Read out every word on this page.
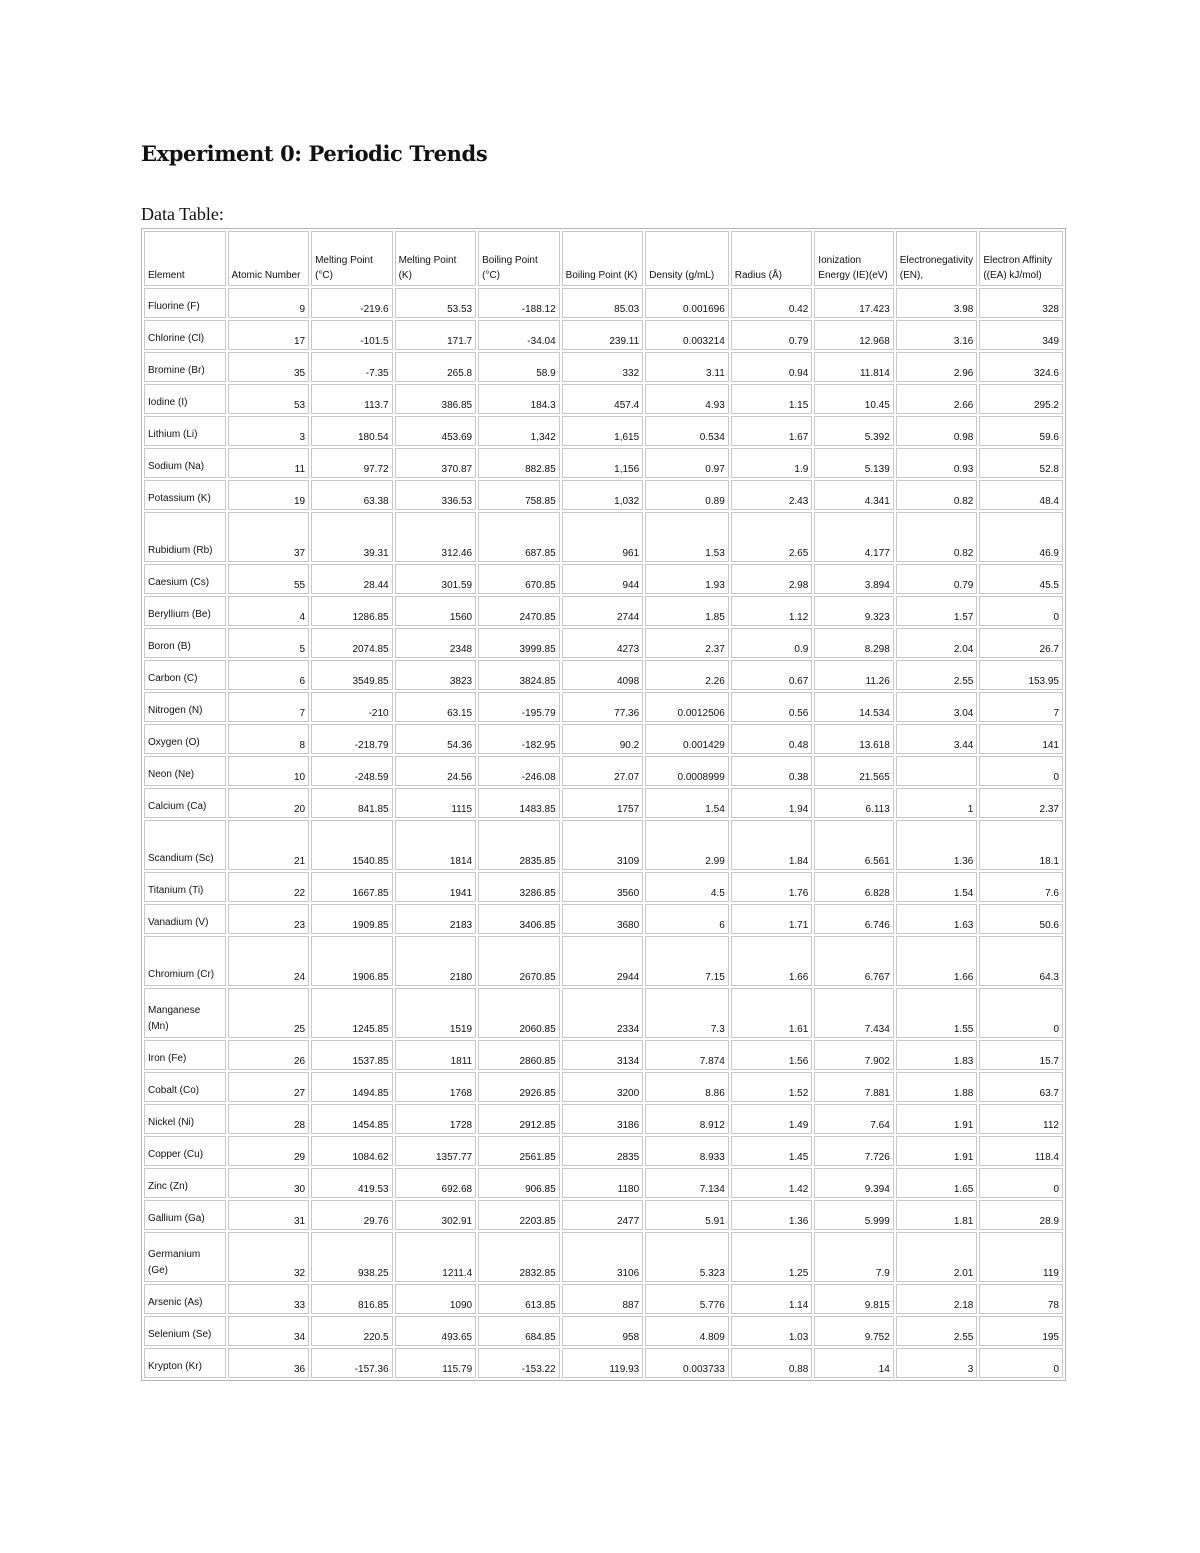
Experiment 0: Periodic Trends

Data Table:

Element	Atomic Number	Melting Point (°C)	Melting Point (K)	Boiling Point (°C)	Boiling Point (K)	Density (g/mL)	Radius (Å)	Ionization Energy (IE)(eV)	Electronegativity (EN),	Electron Affinity ((EA) kJ/mol)
Fluorine (F)	9	-219.6	53.53	-188.12	85.03	0.001696	0.42	17.423	3.98	328
Chlorine (Cl)	17	-101.5	171.7	-34.04	239.11	0.003214	0.79	12.968	3.16	349
Bromine (Br)	35	-7.35	265.8	58.9	332	3.11	0.94	11.814	2.96	324.6
Iodine (I)	53	113.7	386.85	184.3	457.4	4.93	1.15	10.45	2.66	295.2
Lithium (Li)	3	180.54	453.69	1,342	1,615	0.534	1.67	5.392	0.98	59.6
Sodium (Na)	11	97.72	370.87	882.85	1,156	0.97	1.9	5.139	0.93	52.8
Potassium (K)	19	63.38	336.53	758.85	1,032	0.89	2.43	4.341	0.82	48.4
Rubidium (Rb)	37	39.31	312.46	687.85	961	1.53	2.65	4.177	0.82	46.9
Caesium (Cs)	55	28.44	301.59	670.85	944	1.93	2.98	3.894	0.79	45.5
Beryllium (Be)	4	1286.85	1560	2470.85	2744	1.85	1.12	9.323	1.57	0
Boron (B)	5	2074.85	2348	3999.85	4273	2.37	0.9	8.298	2.04	26.7
Carbon (C)	6	3549.85	3823	3824.85	4098	2.26	0.67	11.26	2.55	153.95
Nitrogen (N)	7	-210	63.15	-195.79	77.36	0.0012506	0.56	14.534	3.04	7
Oxygen (O)	8	-218.79	54.36	-182.95	90.2	0.001429	0.48	13.618	3.44	141
Neon (Ne)	10	-248.59	24.56	-246.08	27.07	0.0008999	0.38	21.565		0
Calcium (Ca)	20	841.85	1115	1483.85	1757	1.54	1.94	6.113	1	2.37
Scandium (Sc)	21	1540.85	1814	2835.85	3109	2.99	1.84	6.561	1.36	18.1
Titanium (Ti)	22	1667.85	1941	3286.85	3560	4.5	1.76	6.828	1.54	7.6
Vanadium (V)	23	1909.85	2183	3406.85	3680	6	1.71	6.746	1.63	50.6
Chromium (Cr)	24	1906.85	2180	2670.85	2944	7.15	1.66	6.767	1.66	64.3
Manganese (Mn)	25	1245.85	1519	2060.85	2334	7.3	1.61	7.434	1.55	0
Iron (Fe)	26	1537.85	1811	2860.85	3134	7.874	1.56	7.902	1.83	15.7
Cobalt (Co)	27	1494.85	1768	2926.85	3200	8.86	1.52	7.881	1.88	63.7
Nickel (Ni)	28	1454.85	1728	2912.85	3186	8.912	1.49	7.64	1.91	112
Copper (Cu)	29	1084.62	1357.77	2561.85	2835	8.933	1.45	7.726	1.91	118.4
Zinc (Zn)	30	419.53	692.68	906.85	1180	7.134	1.42	9.394	1.65	0
Gallium (Ga)	31	29.76	302.91	2203.85	2477	5.91	1.36	5.999	1.81	28.9
Germanium (Ge)	32	938.25	1211.4	2832.85	3106	5.323	1.25	7.9	2.01	119
Arsenic (As)	33	816.85	1090	613.85	887	5.776	1.14	9.815	2.18	78
Selenium (Se)	34	220.5	493.65	684.85	958	4.809	1.03	9.752	2.55	195
Krypton (Kr)	36	-157.36	115.79	-153.22	119.93	0.003733	0.88	14	3	0
